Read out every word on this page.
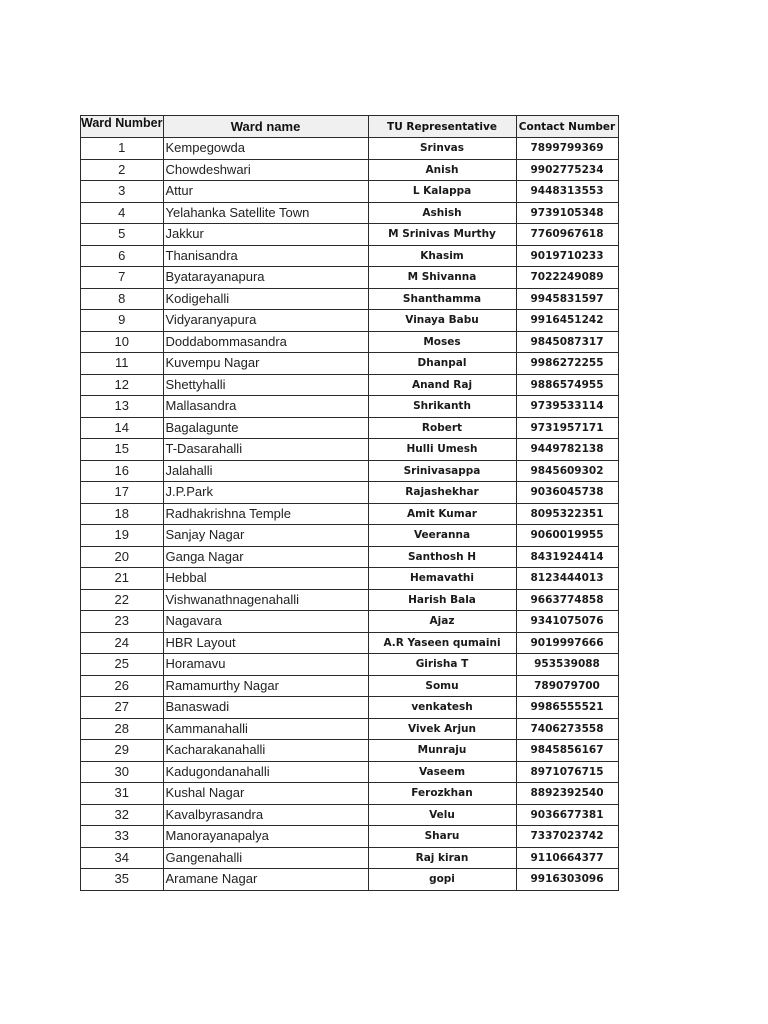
Ward Number	Ward name	TU Representative	Contact Number
1	Kempegowda	Srinvas	7899799369
2	Chowdeshwari	Anish	9902775234
3	Attur	L Kalappa	9448313553
4	Yelahanka Satellite Town	Ashish	9739105348
5	Jakkur	M Srinivas Murthy	7760967618
6	Thanisandra	Khasim	9019710233
7	Byatarayanapura	M Shivanna	7022249089
8	Kodigehalli	Shanthamma	9945831597
9	Vidyaranyapura	Vinaya Babu	9916451242
10	Doddabommasandra	Moses	9845087317
11	Kuvempu Nagar	Dhanpal	9986272255
12	Shettyhalli	Anand Raj	9886574955
13	Mallasandra	Shrikanth	9739533114
14	Bagalagunte	Robert	9731957171
15	T-Dasarahalli	Hulli Umesh	9449782138
16	Jalahalli	Srinivasappa	9845609302
17	J.P.Park	Rajashekhar	9036045738
18	Radhakrishna Temple	Amit Kumar	8095322351
19	Sanjay Nagar	Veeranna	9060019955
20	Ganga Nagar	Santhosh H	8431924414
21	Hebbal	Hemavathi	8123444013
22	Vishwanathnagenahalli	Harish Bala	9663774858
23	Nagavara	Ajaz	9341075076
24	HBR Layout	A.R Yaseen qumaini	9019997666
25	Horamavu	Girisha T	953539088
26	Ramamurthy Nagar	Somu	789079700
27	Banaswadi	venkatesh	9986555521
28	Kammanahalli	Vivek Arjun	7406273558
29	Kacharakanahalli	Munraju	9845856167
30	Kadugondanahalli	Vaseem	8971076715
31	Kushal Nagar	Ferozkhan	8892392540
32	Kavalbyrasandra	Velu	9036677381
33	Manorayanapalya	Sharu	7337023742
34	Gangenahalli	Raj kiran	9110664377
35	Aramane Nagar	gopi	9916303096
